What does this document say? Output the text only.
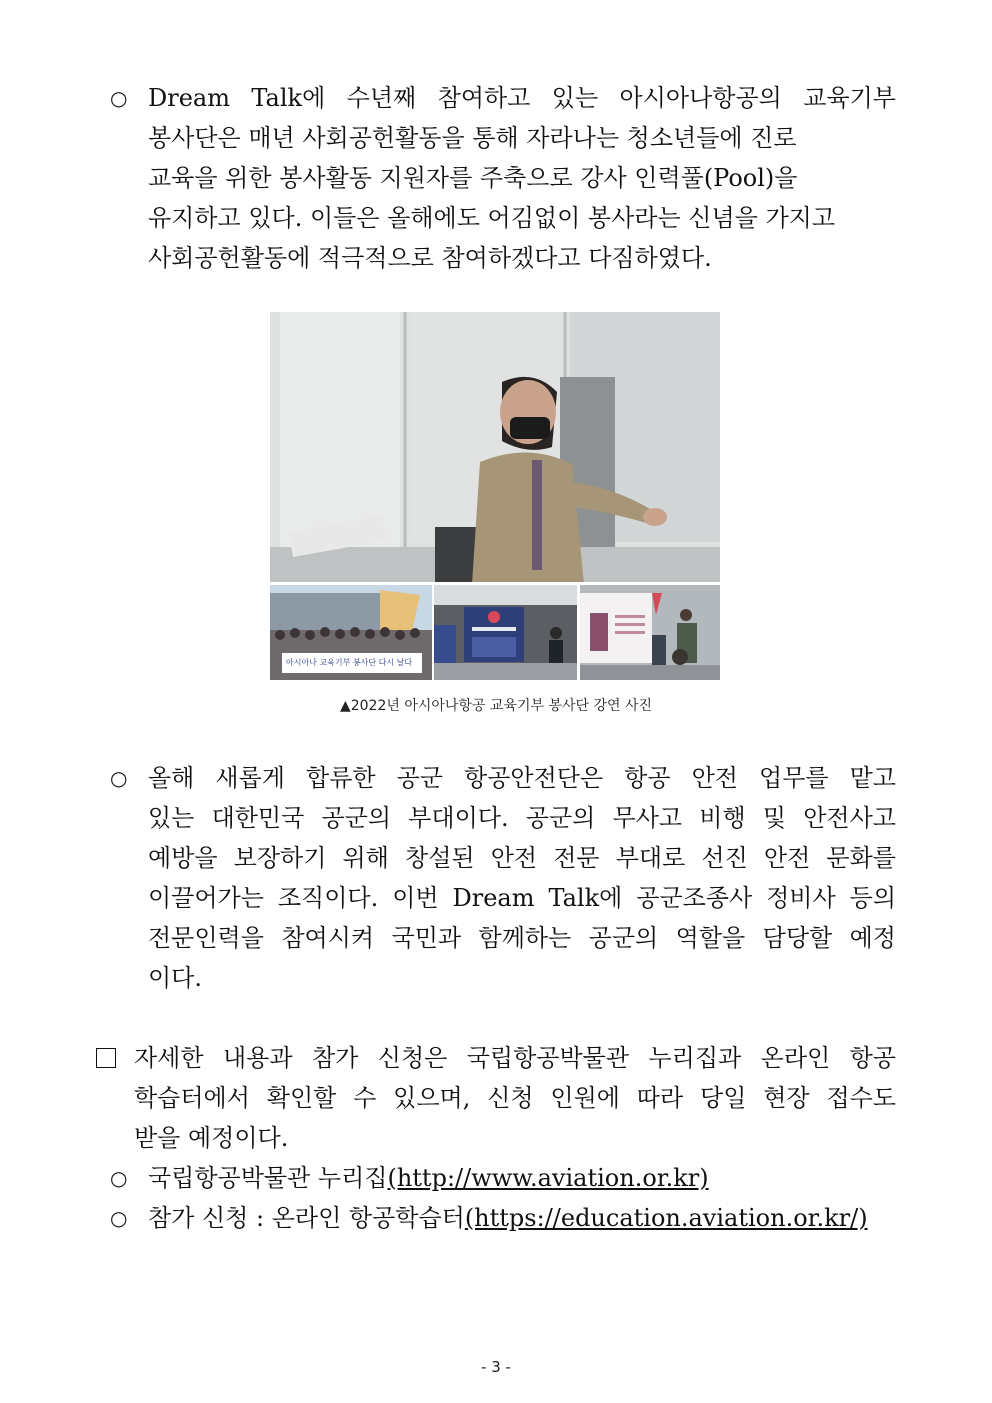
○ Dream Talk에 수년째 참여하고 있는 아시아나항공의 교육기부
봉사단은 매년 사회공헌활동을 통해 자라나는 청소년들에 진로
교육을 위한 봉사활동 지원자를 주축으로 강사 인력풀(Pool)을
유지하고 있다. 이들은 올해에도 어김없이 봉사라는 신념을 가지고
사회공헌활동에 적극적으로 참여하겠다고 다짐하였다.
아시아나 교육기부 봉사단 다시 날다
▲2022년 아시아나항공 교육기부 봉사단 강연 사진
○ 올해 새롭게 합류한 공군 항공안전단은 항공 안전 업무를 맡고
있는 대한민국 공군의 부대이다. 공군의 무사고 비행 및 안전사고
예방을 보장하기 위해 창설된 안전 전문 부대로 선진 안전 문화를
이끌어가는 조직이다. 이번 Dream Talk에 공군조종사 정비사 등의
전문인력을 참여시켜 국민과 함께하는 공군의 역할을 담당할 예정
이다.
자세한 내용과 참가 신청은 국립항공박물관 누리집과 온라인 항공
학습터에서 확인할 수 있으며, 신청 인원에 따라 당일 현장 접수도
받을 예정이다.
○ 국립항공박물관 누리집(http://www.aviation.or.kr)
○ 참가 신청 : 온라인 항공학습터(https://education.aviation.or.kr/)
- 3 -
